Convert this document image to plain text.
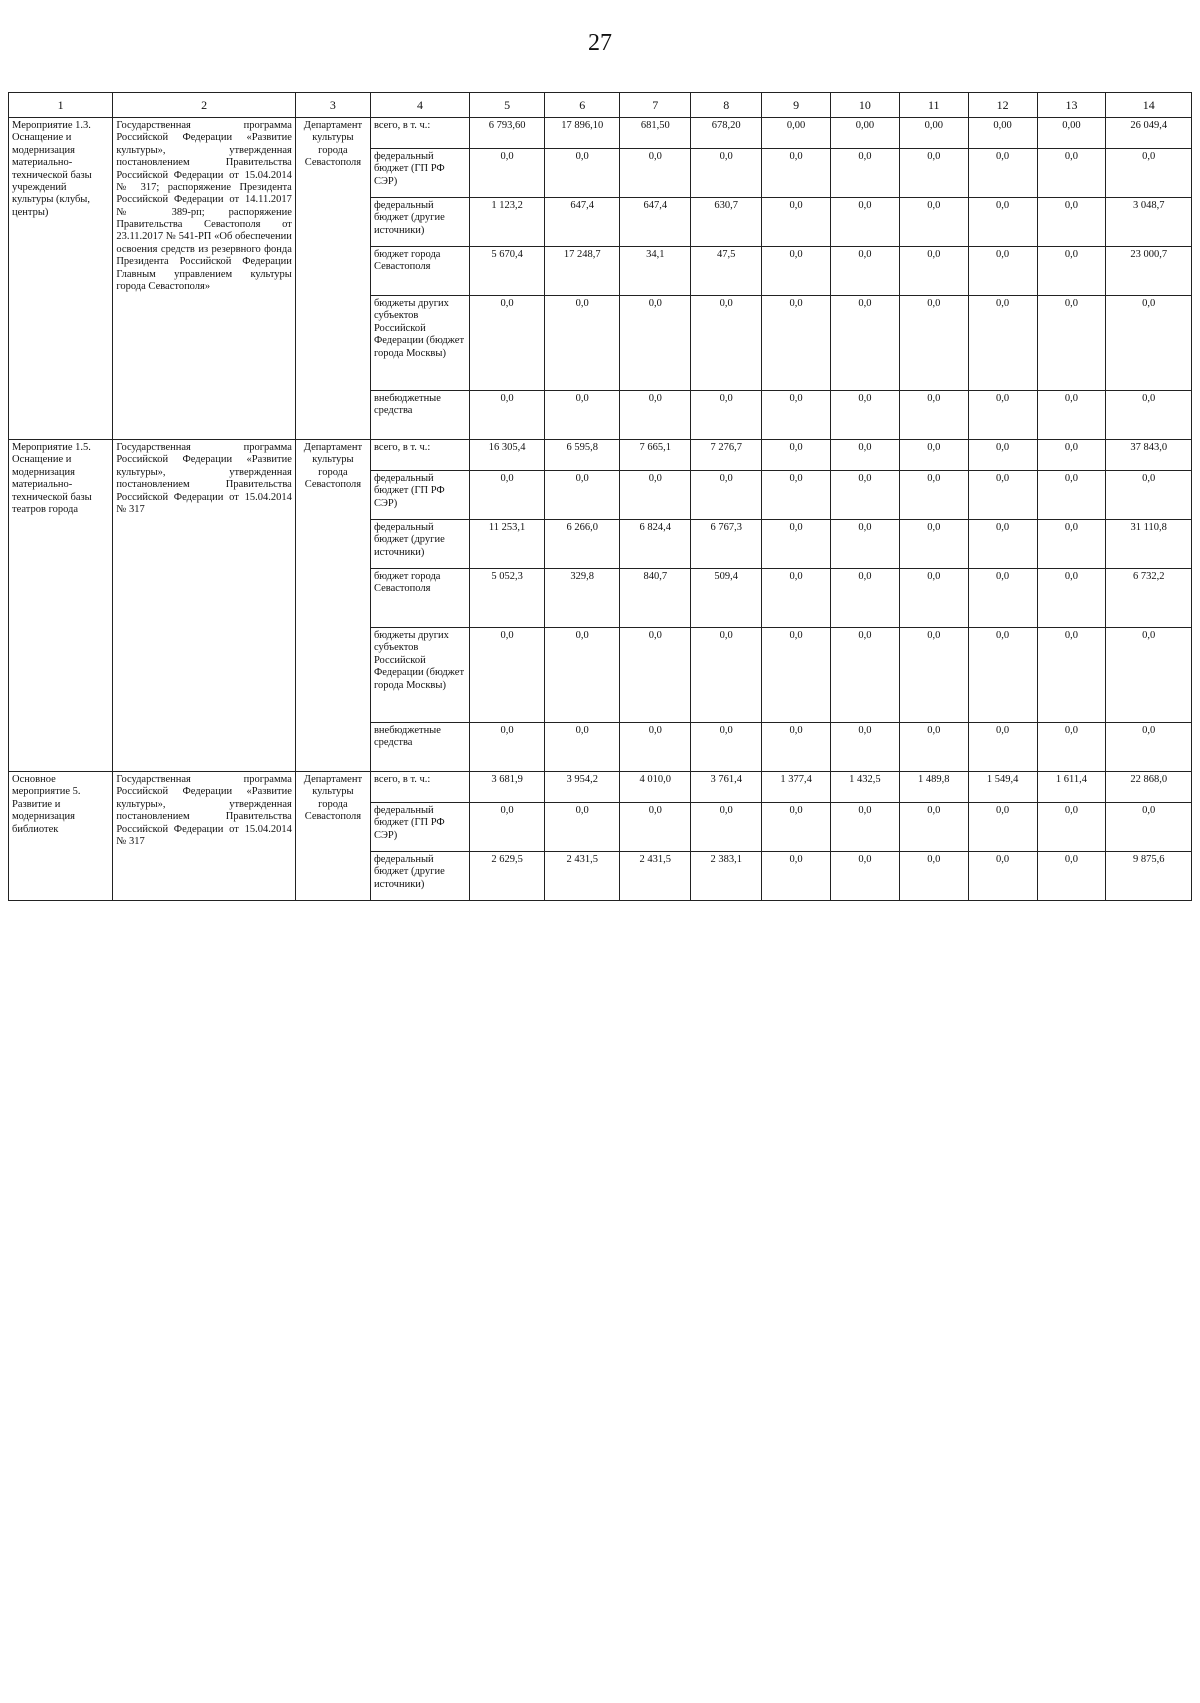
27
1	2	3	4	5	6	7	8	9	10	11	12	13	14
Мероприятие 1.3. Оснащение и модернизация материально-технической базы учреждений культуры (клубы, центры)	Государственная программа Российской Федерации «Развитие культуры», утвержденная постановлением Правительства Российской Федерации от 15.04.2014 № 317; распоряжение Президента Российской Федерации от 14.11.2017 № 389-рп; распоряжение Правительства Севастополя от 23.11.2017 № 541-РП «Об обеспечении освоения средств из резервного фонда Президента Российской Федерации Главным управлением культуры города Севастополя»	Департамент культуры города Севастополя	всего, в т. ч.:	6 793,60	17 896,10	681,50	678,20	0,00	0,00	0,00	0,00	0,00	26 049,4
			федеральный бюджет (ГП РФ СЭР)	0,0	0,0	0,0	0,0	0,0	0,0	0,0	0,0	0,0	0,0
			федеральный бюджет (другие источники)	1 123,2	647,4	647,4	630,7	0,0	0,0	0,0	0,0	0,0	3 048,7
			бюджет города Севастополя	5 670,4	17 248,7	34,1	47,5	0,0	0,0	0,0	0,0	0,0	23 000,7
			бюджеты других субъектов Российской Федерации (бюджет города Москвы)	0,0	0,0	0,0	0,0	0,0	0,0	0,0	0,0	0,0	0,0
			внебюджетные средства	0,0	0,0	0,0	0,0	0,0	0,0	0,0	0,0	0,0	0,0
Мероприятие 1.5. Оснащение и модернизация материально-технической базы театров города	Государственная программа Российской Федерации «Развитие культуры», утвержденная постановлением Правительства Российской Федерации от 15.04.2014 № 317	Департамент культуры города Севастополя	всего, в т. ч.:	16 305,4	6 595,8	7 665,1	7 276,7	0,0	0,0	0,0	0,0	0,0	37 843,0
			федеральный бюджет (ГП РФ СЭР)	0,0	0,0	0,0	0,0	0,0	0,0	0,0	0,0	0,0	0,0
			федеральный бюджет (другие источники)	11 253,1	6 266,0	6 824,4	6 767,3	0,0	0,0	0,0	0,0	0,0	31 110,8
			бюджет города Севастополя	5 052,3	329,8	840,7	509,4	0,0	0,0	0,0	0,0	0,0	6 732,2
			бюджеты других субъектов Российской Федерации (бюджет города Москвы)	0,0	0,0	0,0	0,0	0,0	0,0	0,0	0,0	0,0	0,0
			внебюджетные средства	0,0	0,0	0,0	0,0	0,0	0,0	0,0	0,0	0,0	0,0
Основное мероприятие 5. Развитие и модернизация библиотек	Государственная программа Российской Федерации «Развитие культуры», утвержденная постановлением Правительства Российской Федерации от 15.04.2014 № 317	Департамент культуры города Севастополя	всего, в т. ч.:	3 681,9	3 954,2	4 010,0	3 761,4	1 377,4	1 432,5	1 489,8	1 549,4	1 611,4	22 868,0
			федеральный бюджет (ГП РФ СЭР)	0,0	0,0	0,0	0,0	0,0	0,0	0,0	0,0	0,0	0,0
			федеральный бюджет (другие источники)	2 629,5	2 431,5	2 431,5	2 383,1	0,0	0,0	0,0	0,0	0,0	9 875,6
